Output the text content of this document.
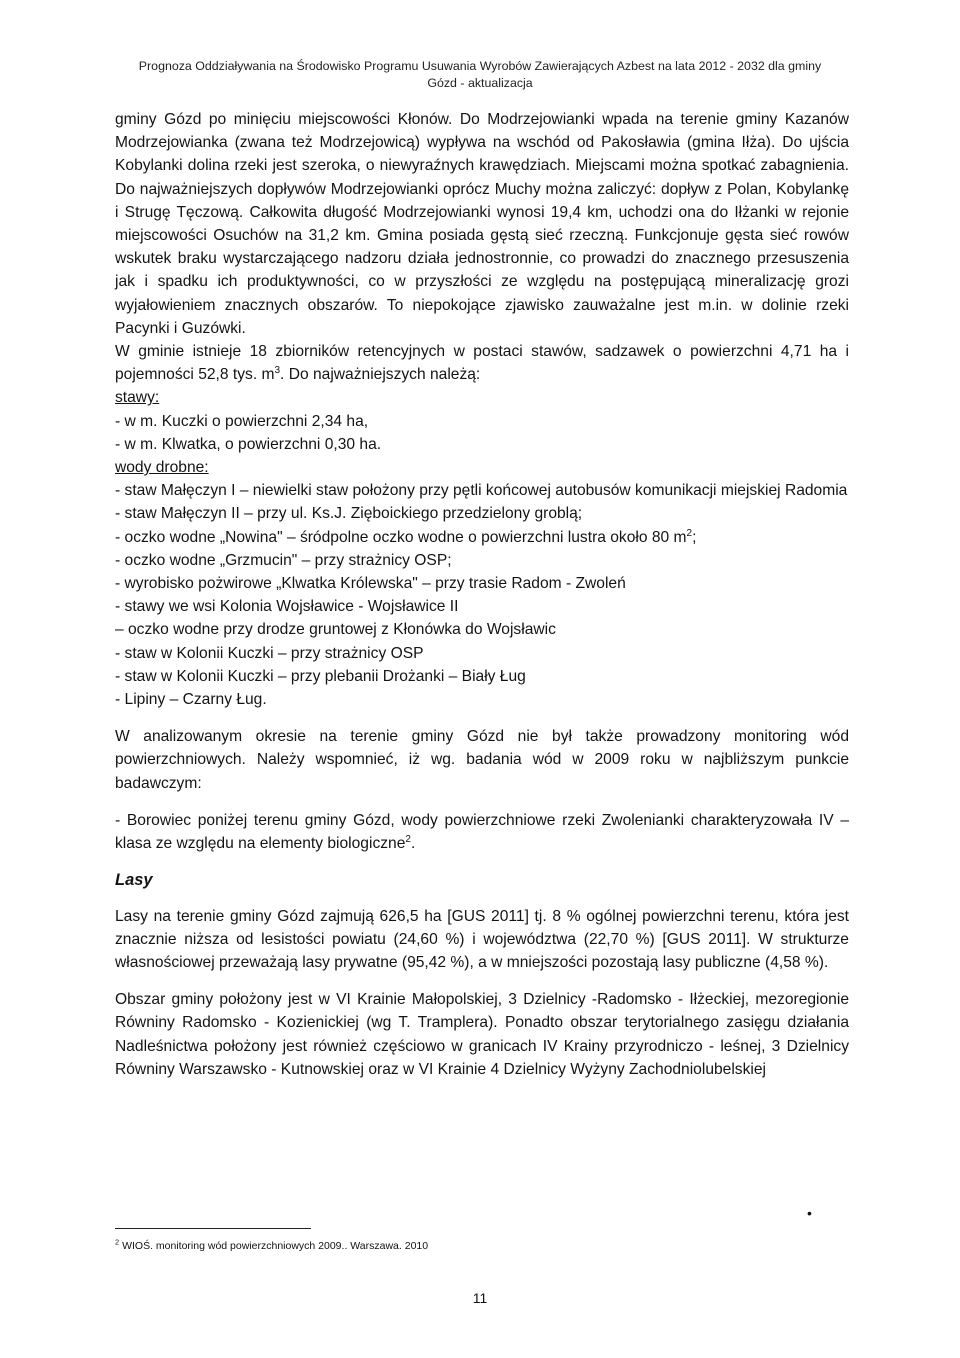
Prognoza Oddziaływania na Środowisko Programu Usuwania Wyrobów Zawierających Azbest na lata 2012 - 2032 dla gminy
Gózd - aktualizacja

gminy Gózd po minięciu miejscowości Kłonów. Do Modrzejowianki wpada na terenie gminy Kazanów Modrzejowianka (zwana też Modrzejowicą) wypływa na wschód od Pakosławia (gmina Iłża). Do ujścia Kobylanki dolina rzeki jest szeroka, o niewyraźnych krawędziach. Miejscami można spotkać zabagnienia. Do najważniejszych dopływów Modrzejowianki oprócz Muchy można zaliczyć: dopływ z Polan, Kobylankę i Strugę Tęczową. Całkowita długość Modrzejowianki wynosi 19,4 km, uchodzi ona do Iłżanki w rejonie miejscowości Osuchów na 31,2 km. Gmina posiada gęstą sieć rzeczną. Funkcjonuje gęsta sieć rowów wskutek braku wystarczającego nadzoru działa jednostronnie, co prowadzi do znacznego przesuszenia jak i spadku ich produktywności, co w przyszłości ze względu na postępującą mineralizację grozi wyjałowieniem znacznych obszarów. To niepokojące zjawisko zauważalne jest m.in. w dolinie rzeki Pacynki i Guzówki.

W gminie istnieje 18 zbiorników retencyjnych w postaci stawów, sadzawek o powierzchni 4,71 ha i pojemności 52,8 tys. $m^3$. Do najważniejszych należą:

stawy:

- w m. Kuczki o powierzchni 2,34 ha,

- w m. Klwatka, o powierzchni 0,30 ha.

wody drobne:

- staw Małęczyn I – niewielki staw położony przy pętli końcowej autobusów komunikacji miejskiej Radomia

- staw Małęczyn II – przy ul. Ks.J. Zięboickiego przedzielony groblą;

- oczko wodne „Nowina" – śródpolne oczko wodne o powierzchni lustra około 80 $m^2$;

- oczko wodne „Grzmucin" – przy strażnicy OSP;

- wyrobisko pożwirowe „Klwatka Królewska" – przy trasie Radom - Zwoleń

- stawy we wsi Kolonia Wojsławice - Wojsławice II

– oczko wodne przy drodze gruntowej z Kłonówka do Wojsławic

- staw w Kolonii Kuczki – przy strażnicy OSP

- staw w Kolonii Kuczki – przy plebanii Drożanki – Biały Ług

- Lipiny – Czarny Ług.

W analizowanym okresie na terenie gminy Gózd nie był także prowadzony monitoring wód powierzchniowych. Należy wspomnieć, iż wg. badania wód w 2009 roku w najbliższym punkcie badawczym:

- Borowiec poniżej terenu gminy Gózd, wody powierzchniowe rzeki Zwolenianki charakteryzowała IV – klasa ze względu na elementy biologiczne$^2$.

Lasy

Lasy na terenie gminy Gózd zajmują 626,5 ha [GUS 2011] tj. 8 % ogólnej powierzchni terenu, która jest znacznie niższa od lesistości powiatu (24,60 %) i województwa (22,70 %) [GUS 2011]. W strukturze własnościowej przeważają lasy prywatne (95,42 %), a w mniejszości pozostają lasy publiczne (4,58 %).

Obszar gminy położony jest w VI Krainie Małopolskiej, 3 Dzielnicy -Radomsko - Iłżeckiej, mezoregionie Równiny Radomsko - Kozienickiej (wg T. Tramplera). Ponadto obszar terytorialnego zasięgu działania Nadleśnictwa położony jest również częściowo w granicach IV Krainy przyrodniczo - leśnej, 3 Dzielnicy Równiny Warszawsko - Kutnowskiej oraz w VI Krainie 4 Dzielnicy Wyżyny Zachodniolubelskiej

•
$^2$ WIOŚ. monitoring wód powierzchniowych 2009.. Warszawa. 2010
11
